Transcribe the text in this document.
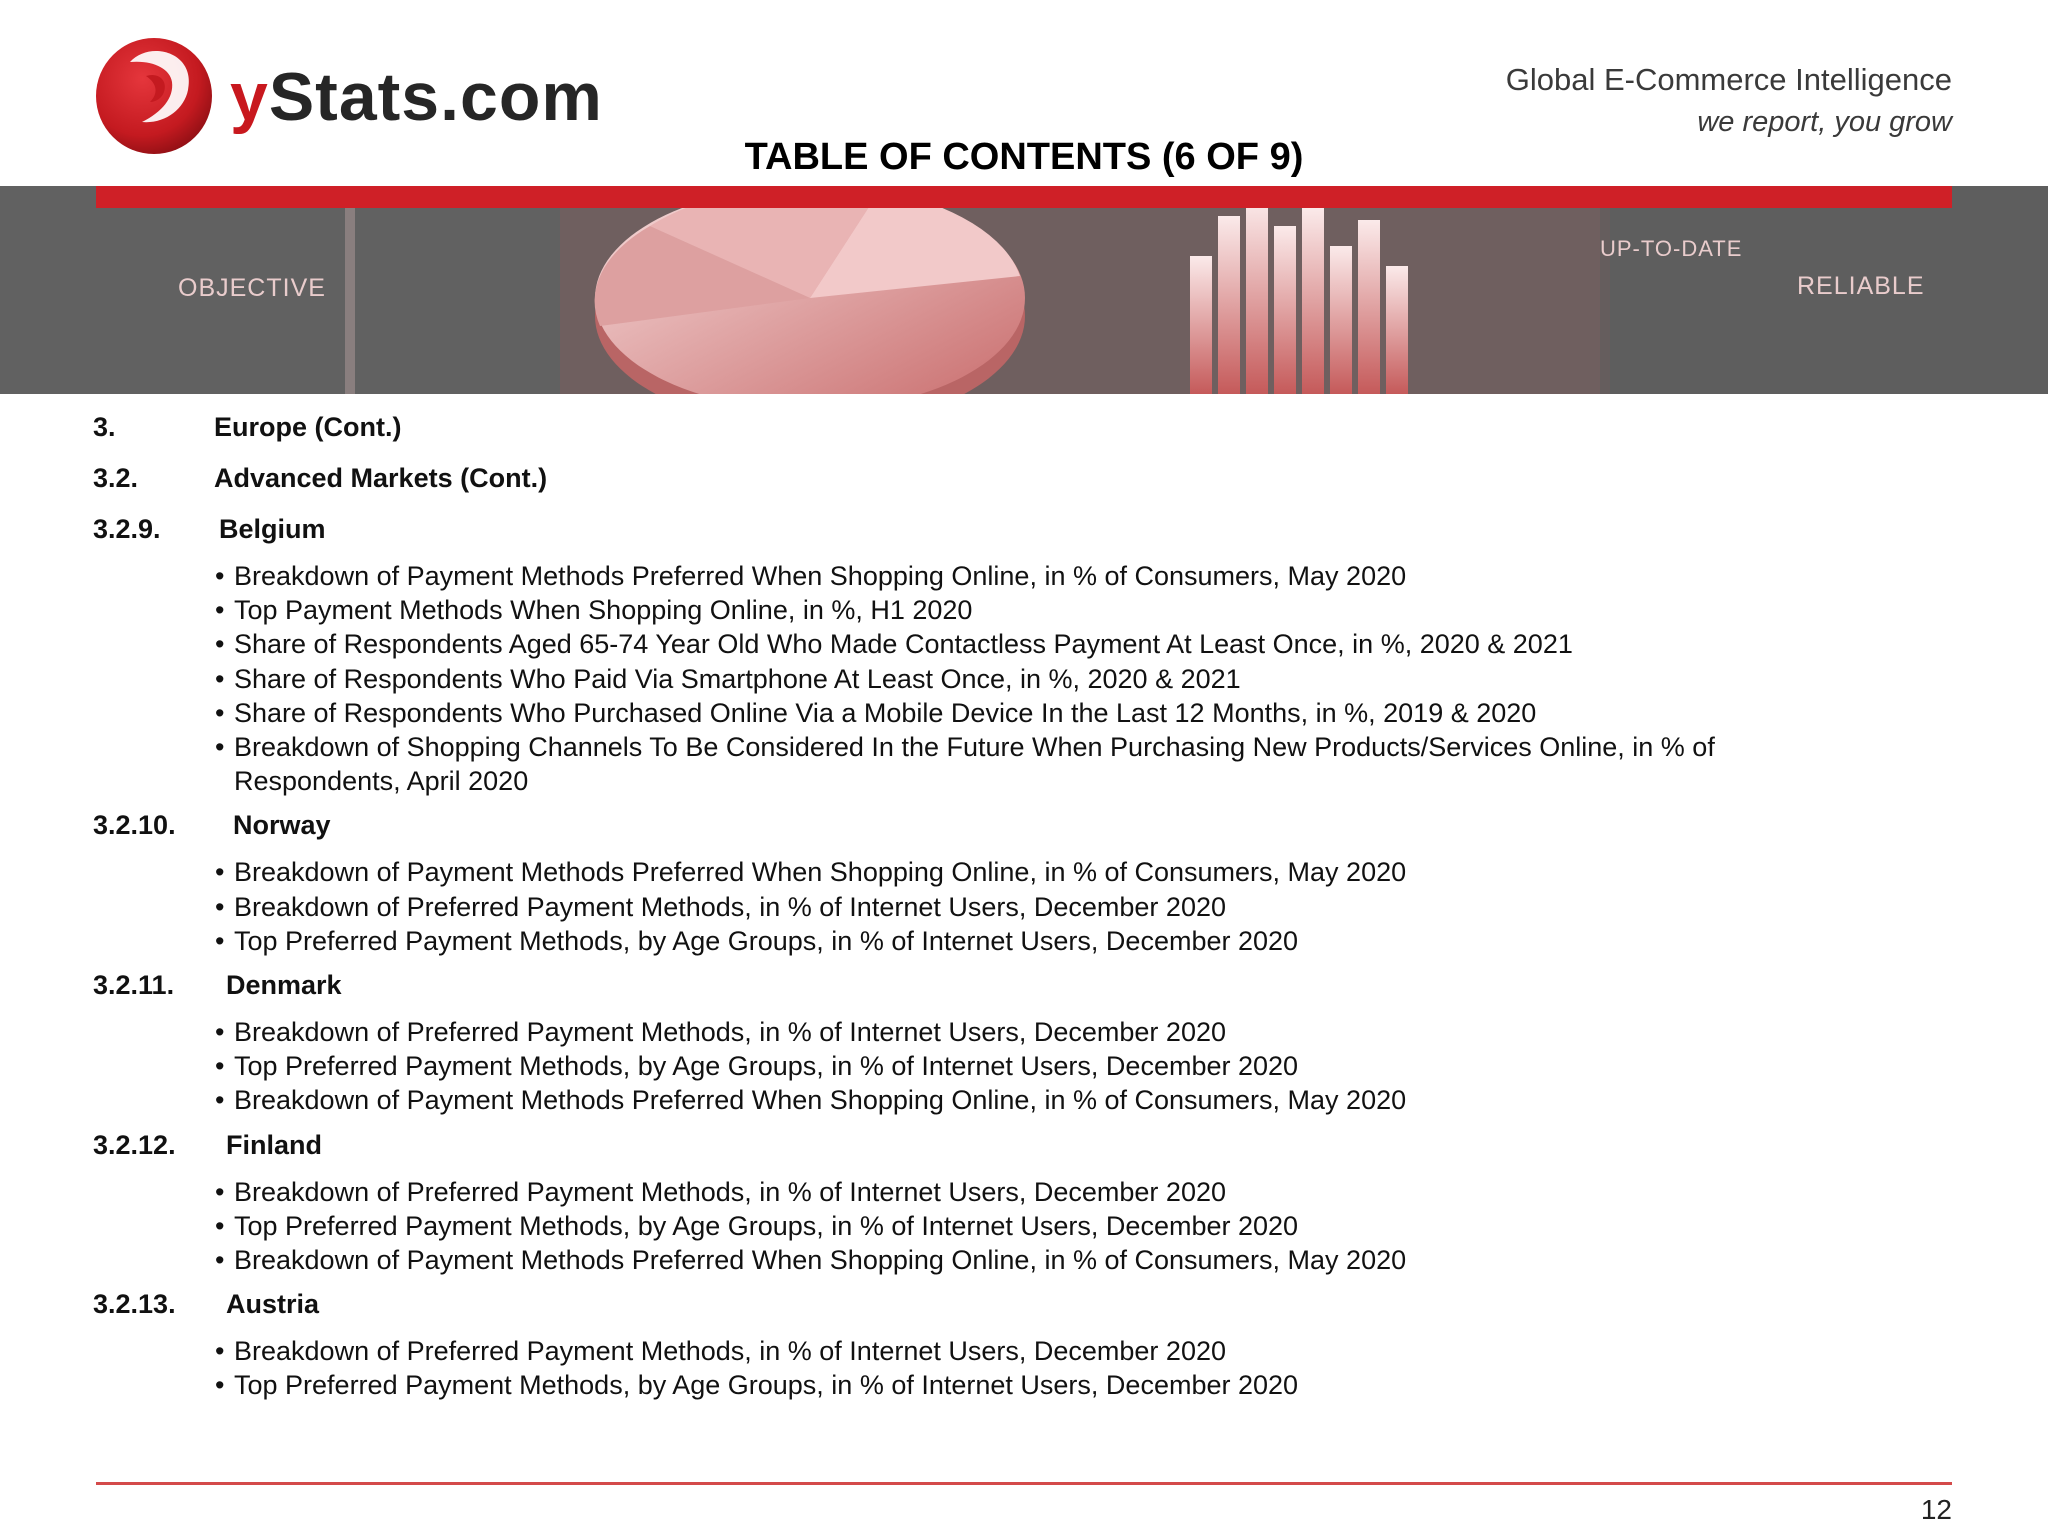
yStats.com	Global E-Commerce Intelligence
we report, you grow
TABLE OF CONTENTS (6 OF 9)
OBJECTIVE
UP-TO-DATE
RELIABLE
3.	Europe (Cont.)
3.2.	Advanced Markets (Cont.)
3.2.9. Belgium
• Breakdown of Payment Methods Preferred When Shopping Online, in % of Consumers, May 2020
• Top Payment Methods When Shopping Online, in %, H1 2020
• Share of Respondents Aged 65-74 Year Old Who Made Contactless Payment At Least Once, in %, 2020 & 2021
• Share of Respondents Who Paid Via Smartphone At Least Once, in %, 2020 & 2021
• Share of Respondents Who Purchased Online Via a Mobile Device In the Last 12 Months, in %, 2019 & 2020
• Breakdown of Shopping Channels To Be Considered In the Future When Purchasing New Products/Services Online, in % of Respondents, April 2020
3.2.10. Norway
• Breakdown of Payment Methods Preferred When Shopping Online, in % of Consumers, May 2020
• Breakdown of Preferred Payment Methods, in % of Internet Users, December 2020
• Top Preferred Payment Methods, by Age Groups, in % of Internet Users, December 2020
3.2.11. Denmark
• Breakdown of Preferred Payment Methods, in % of Internet Users, December 2020
• Top Preferred Payment Methods, by Age Groups, in % of Internet Users, December 2020
• Breakdown of Payment Methods Preferred When Shopping Online, in % of Consumers, May 2020
3.2.12. Finland
• Breakdown of Preferred Payment Methods, in % of Internet Users, December 2020
• Top Preferred Payment Methods, by Age Groups, in % of Internet Users, December 2020
• Breakdown of Payment Methods Preferred When Shopping Online, in % of Consumers, May 2020
3.2.13. Austria
• Breakdown of Preferred Payment Methods, in % of Internet Users, December 2020
• Top Preferred Payment Methods, by Age Groups, in % of Internet Users, December 2020
12
